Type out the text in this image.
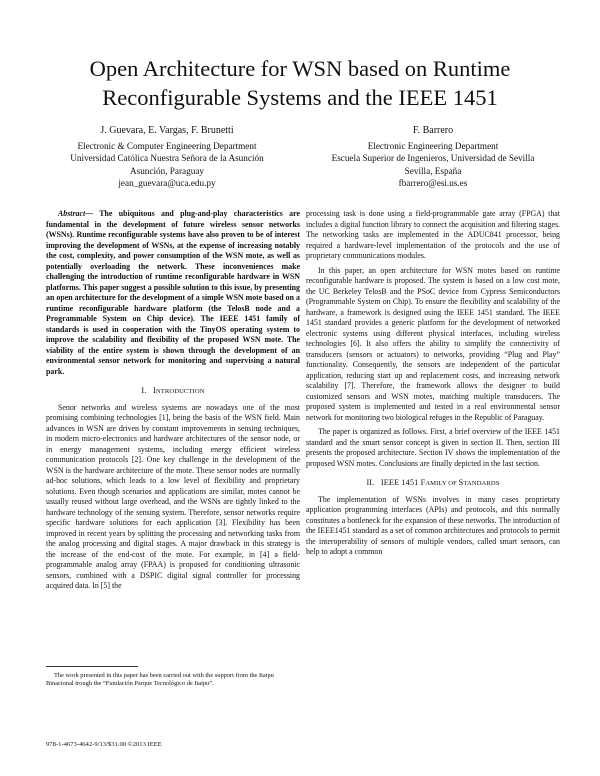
Open Architecture for WSN based on Runtime
Reconfigurable Systems and the IEEE 1451
J. Guevara, E. Vargas, F. Brunetti
Electronic & Computer Engineering Department
Universidad Católica Nuestra Señora de la Asunción
Asunción, Paraguay
jean_guevara@uca.edu.py
F. Barrero
Electronic Engineering Department
Escuela Superior de Ingenieros, Universidad de Sevilla
Sevilla, España
fbarrero@esi.us.es

Abstract— The ubiquitous and plug-and-play characteristics are fundamental in the development of future wireless sensor networks (WSNs). Runtime reconfigurable systems have also proven to be of interest improving the development of WSNs, at the expense of increasing notably the cost, complexity, and power consumption of the WSN mote, as well as potentially overloading the network. These inconveniences make challenging the introduction of runtime reconfigurable hardware in WSN platforms. This paper suggest a possible solution to this issue, by presenting an open architecture for the development of a simple WSN mote based on a runtime reconfigurable hardware platform (the TelosB node and a Programmable System on Chip device). The IEEE 1451 family of standards is used in cooperation with the TinyOS operating system to improve the scalability and flexibility of the proposed WSN mote. The viability of the entire system is shown through the development of an environmental sensor network for monitoring and supervising a natural park.

I. INTRODUCTION

Senor networks and wireless systems are nowadays one of the most promising combining technologies [1], being the basis of the WSN field. Main advances in WSN are driven by constant improvements in sensing techniques, in modern micro-electronics and hardware architectures of the sensor node, or in energy management systems, including energy efficient wireless communication protocols [2]. One key challenge in the development of the WSN is the hardware architecture of the mote. These sensor nodes are normally ad-hoc solutions, which leads to a low level of flexibility and proprietary solutions. Even though scenarios and applications are similar, motes cannot be usually reused without large overhead, and the WSNs are tightly linked to the hardware technology of the sensing system. Therefore, sensor networks require specific hardware solutions for each application [3]. Flexibility has been improved in recent years by splitting the processing and networking tasks from the analog processing and digital stages. A major drawback in this strategy is the increase of the end-cost of the mote. For example, in [4] a field-programmable analog array (FPAA) is proposed for conditioning ultrasonic sensors, combined with a DSPIC digital signal controller for processing acquired data. In [5] the

processing task is done using a field-programmable gate array (FPGA) that includes a digital function library to connect the acquisition and filtering stages. The networking tasks are implemented in the ADUC841 processor, being required a hardware-level implementation of the protocols and the use of proprietary communications modules.

In this paper, an open architecture for WSN motes based on runtime reconfigurable hardware is proposed. The system is based on a low cost mote, the UC Berkeley TelosB and the PSoC device from Cypress Semiconductors (Programmable System on Chip). To ensure the flexibility and scalability of the hardware, a framework is designed using the IEEE 1451 standard. The IEEE 1451 standard provides a generic platform for the development of networked electronic systems using different physical interfaces, including wireless technologies [6]. It also offers the ability to simplify the connectivity of transducers (sensors or actuators) to networks, providing “Plug and Play” functionality. Consequently, the sensors are independent of the particular application, reducing start up and replacement costs, and increasing network scalability [7]. Therefore, the framework allows the designer to build customized sensors and WSN motes, matching multiple transducers. The proposed system is implemented and tested in a real environmental sensor network for monitoring two biological refuges in the Republic of Paraguay.

The paper is organized as follows. First, a brief overview of the IEEE 1451 standard and the smart sensor concept is given in section II. Then, section III presents the proposed architecture. Section IV shows the implementation of the proposed WSN motes. Conclusions are finally depicted in the last section.

II. IEEE 1451 FAMILY OF STANDARDS

The implementation of WSNs involves in many cases proprietary application programming interfaces (APIs) and protocols, and this normally constitutes a bottleneck for the expansion of these networks. The introduction of the IEEE1451 standard as a set of common architectures and protocols to permit the interoperability of sensors of multiple vendors, called smart sensors, can help to adopt a common

The work presented in this paper has been carried out with the support from the Itaipu Binacional trough the “Fundación Parque Tecnológico de Itaipu”.

978-1-4673-4642-9/13/$31.00 ©2013 IEEE
